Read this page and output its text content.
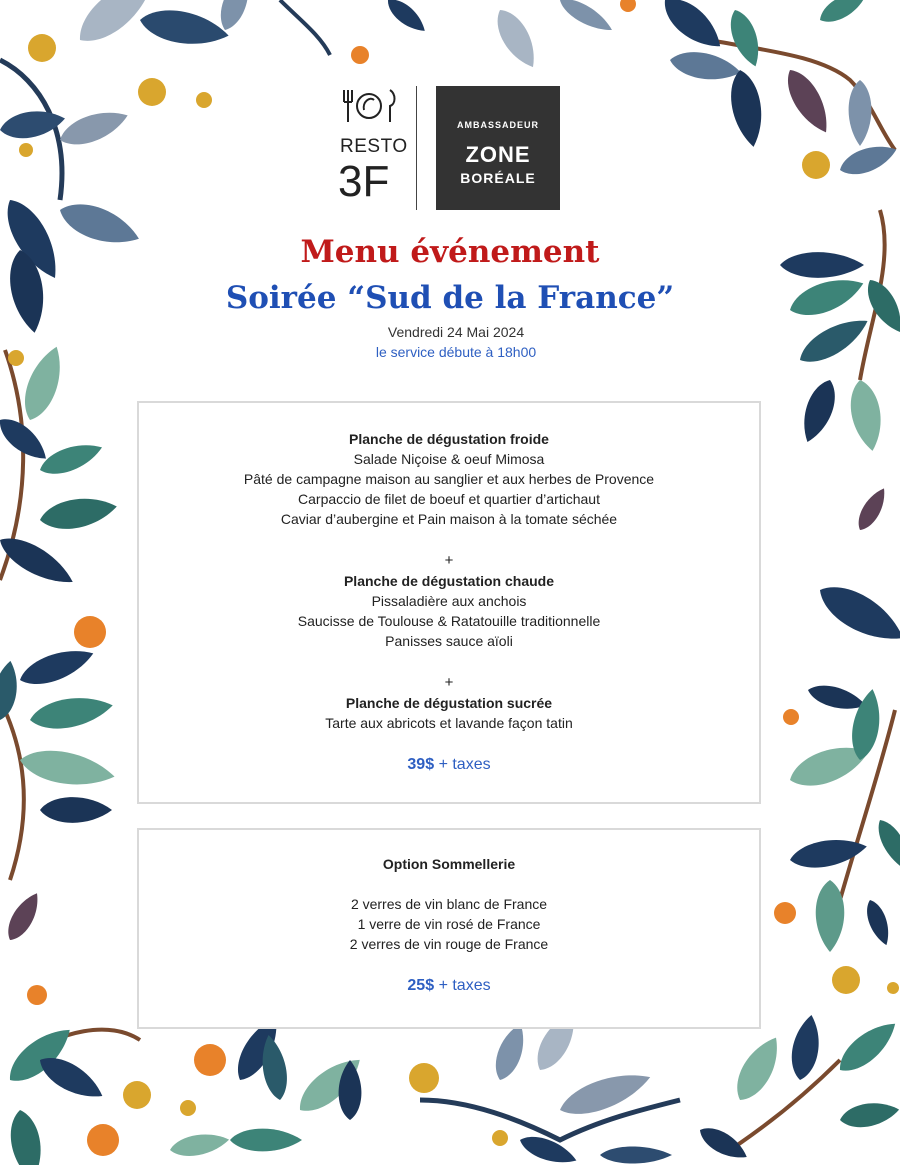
RESTO
3F
AMBASSADEUR
ZONE
BORÉALE
Menu événement
Soirée “Sud de la France”
Vendredi 24 Mai 2024
le service débute à 18h00
Planche de dégustation froide
Salade Niçoise & oeuf Mimosa
Pâté de campagne maison au sanglier et aux herbes de Provence
Carpaccio de filet de boeuf et quartier d’artichaut
Caviar d’aubergine et Pain maison à la tomate séchée
+
Planche de dégustation chaude
Pissaladière aux anchois
Saucisse de Toulouse & Ratatouille traditionnelle
Panisses sauce aïoli
+
Planche de dégustation sucrée
Tarte aux abricots et lavande façon tatin
39$ + taxes
Option Sommellerie
2 verres de vin blanc de France
1 verre de vin rosé de France
2 verres de vin rouge de France
25$ + taxes
